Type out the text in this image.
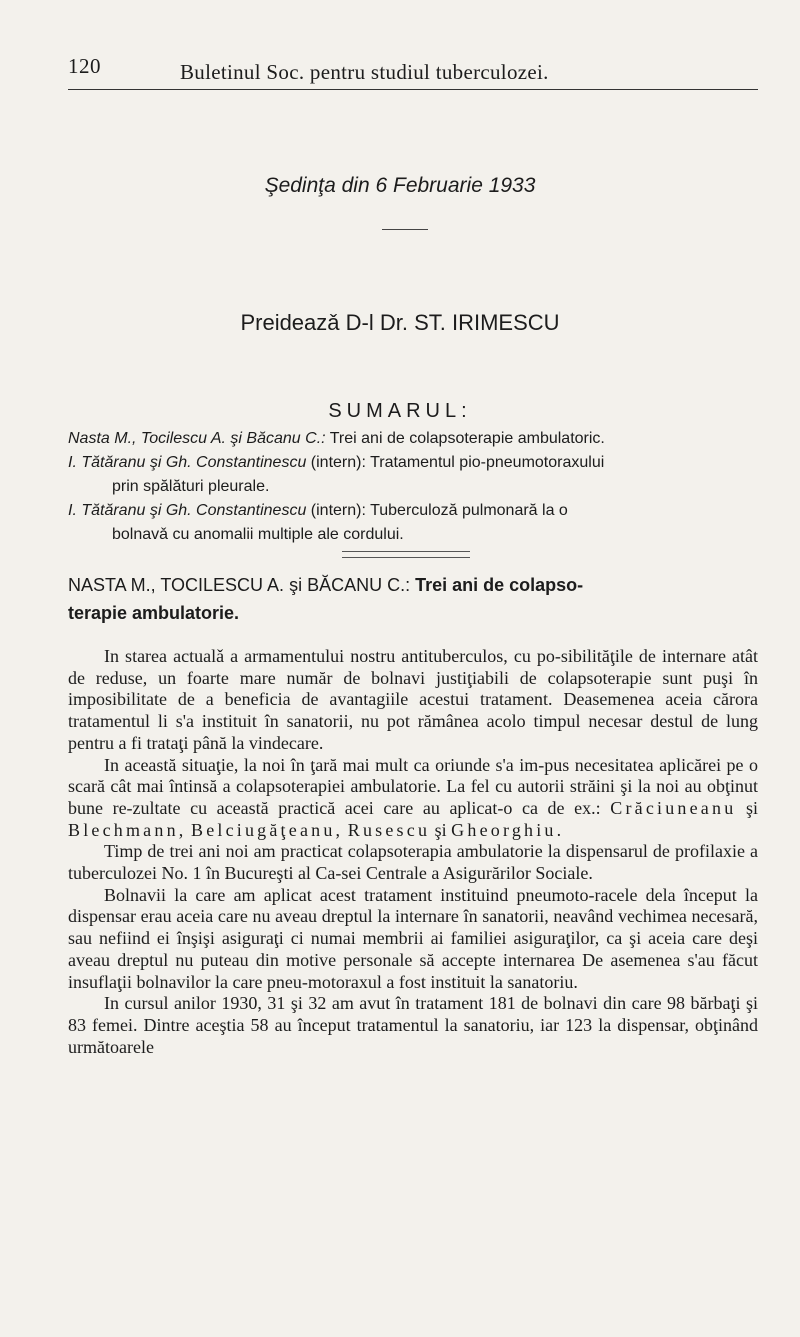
120	Buletinul Soc. pentru studiul tuberculozei.
Şedinţa din 6 Februarie 1933
Preideazǎ D-l Dr. ST. IRIMESCU
SUMARUL:

Nasta M., Tocilescu A. şi Băcanu C.: Trei ani de colapsoterapie ambulatoric.

I. Tătăranu şi Gh. Constantinescu (intern): Tratamentul pio-pneumotoraxului
prin spălături pleurale.

I. Tătăranu şi Gh. Constantinescu (intern): Tuberculoză pulmonară la o
bolnavǎ cu anomalii multiple ale cordului.

NASTA M., TOCILESCU A. şi BĂCANU C.: Trei ani de colapso-
terapie ambulatorie.

In starea actualǎ a armamentului nostru antituberculos, cu po-sibilităţile de internare atât de reduse, un foarte mare număr de bolnavi justiţiabili de colapsoterapie sunt puşi în imposibilitate de a beneficia de avantagiile acestui tratament. Deasemenea aceia cărora tratamentul li s'a instituit în sanatorii, nu pot rămânea acolo timpul necesar destul de lung pentru a fi trataţi până la vindecare.

In această situaţie, la noi în ţară mai mult ca oriunde s'a im-pus necesitatea aplicărei pe o scară cât mai întinsă a colapsoterapiei ambulatorie. La fel cu autorii străini şi la noi au obţinut bune re-zultate cu această practică acei care au aplicat-o ca de ex.: Crăciuneanu şi Blechmann, Belciugăţeanu, Rusescu şi Gheorghiu.

Timp de trei ani noi am practicat colapsoterapia ambulatorie la dispensarul de profilaxie a tuberculozei No. 1 în Bucureşti al Ca-sei Centrale a Asigurărilor Sociale.

Bolnavii la care am aplicat acest tratament instituind pneumoto-racele dela început la dispensar erau aceia care nu aveau dreptul la internare în sanatorii, neavând vechimea necesară, sau nefiind ei înşişi asiguraţi ci numai membrii ai familiei asiguraţilor, ca şi aceia care deşi aveau dreptul nu puteau din motive personale să accepte internarea De asemenea s'au făcut insuflaţii bolnavilor la care pneu-motoraxul a fost instituit la sanatoriu.

In cursul anilor 1930, 31 şi 32 am avut în tratament 181 de bolnavi din care 98 bărbaţi şi 83 femei. Dintre aceştia 58 au început tratamentul la sanatoriu, iar 123 la dispensar, obţinând următoarele
